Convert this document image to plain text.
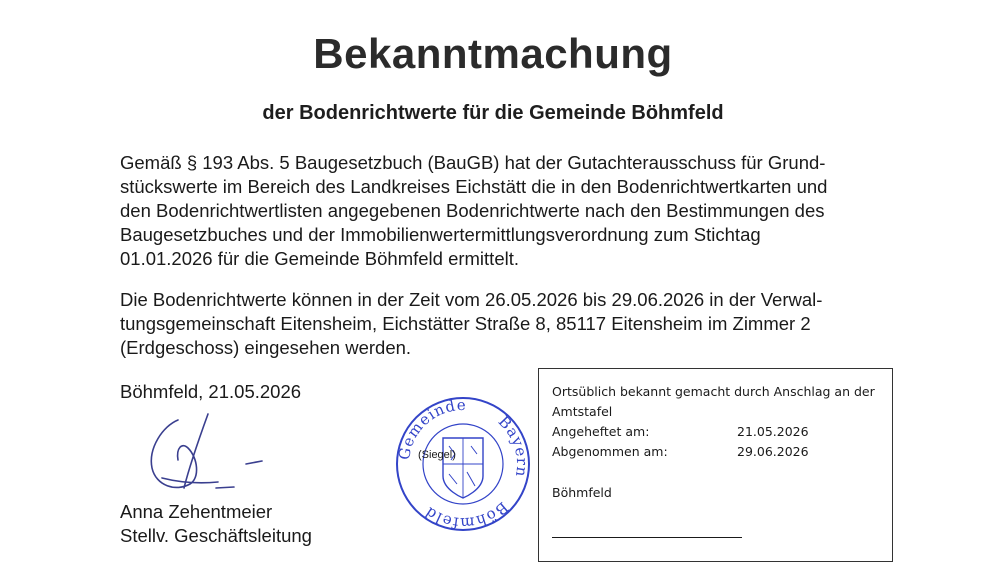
Bekanntmachung
der Bodenrichtwerte für die Gemeinde Böhmfeld
Gemäß § 193 Abs. 5 Baugesetzbuch (BauGB) hat der Gutachterausschuss für Grund-
stückswerte im Bereich des Landkreises Eichstätt die in den Bodenrichtwertkarten und
den Bodenrichtwertlisten angegebenen Bodenrichtwerte nach den Bestimmungen des
Baugesetzbuches und der Immobilienwertermittlungsverordnung zum Stichtag
01.01.2026 für die Gemeinde Böhmfeld ermittelt.
Die Bodenrichtwerte können in der Zeit vom 26.05.2026 bis 29.06.2026 in der Verwal-
tungsgemeinschaft Eitensheim, Eichstätter Straße 8, 85117 Eitensheim im Zimmer 2
(Erdgeschoss) eingesehen werden.
Böhmfeld, 21.05.2026
Anna Zehentmeier
Stellv. Geschäftsleitung
Gemeinde
Bayern
Böhmfeld
(Siegel)
Ortsüblich bekannt gemacht durch Anschlag an der Amtstafel
Angeheftet am:	21.05.2026
Abgenommen am:	29.06.2026
Böhmfeld
